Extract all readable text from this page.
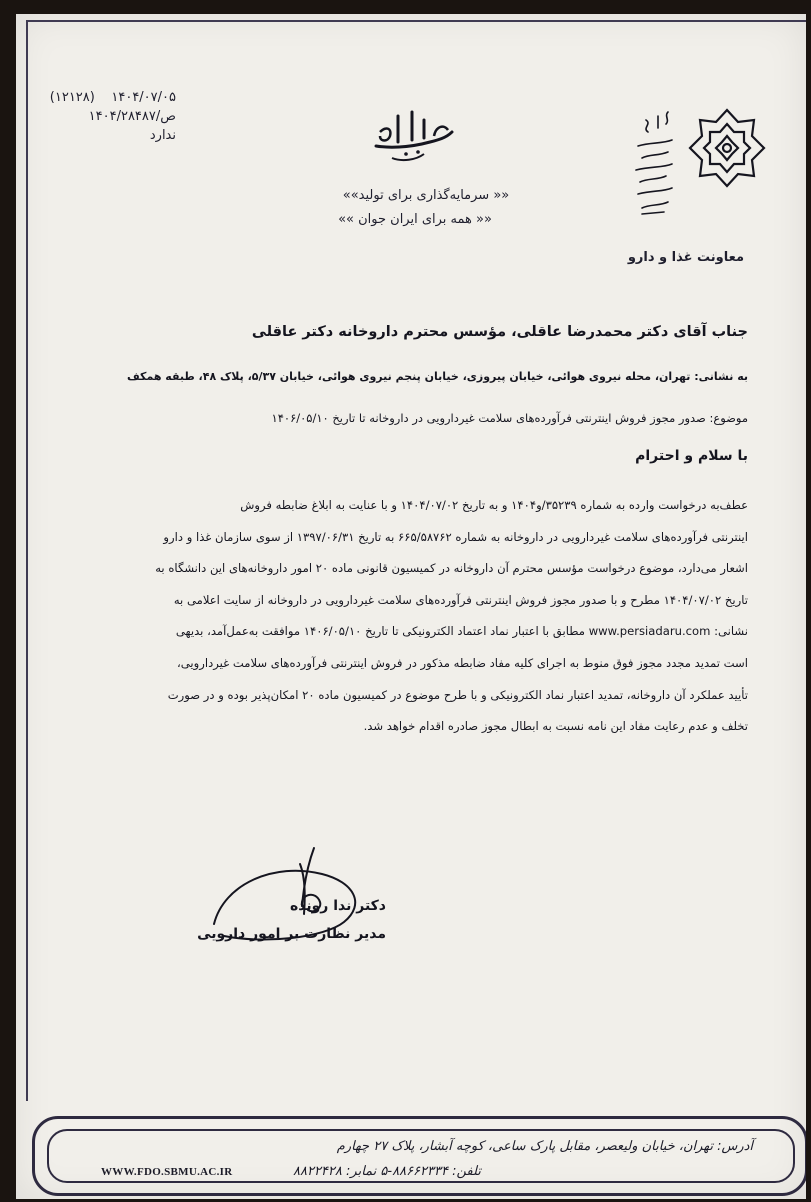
(۱۲۱۲۸) ۱۴۰۴/۰۷/۰۵
۱۴۰۴/ص/۲۸۴۸۷
ندارد
«« سرمایه‌گذاری برای تولید»»
«« همه برای ایران جوان »»
معاونت غذا و دارو
جناب آقای دکتر محمدرضا عاقلی، مؤسس محترم داروخانه دکتر عاقلی
به نشانی: تهران، محله نیروی هوائی، خیابان پیروزی، خیابان پنجم نیروی هوائی، خیابان ۵/۳۷، پلاک ۴۸، طبقه همکف
موضوع: صدور مجوز فروش اینترنتی فرآورده‌های سلامت غیردارویی در داروخانه تا تاریخ ۱۴۰۶/۰۵/۱۰
با سلام و احترام
عطف‌به درخواست وارده به شماره ۳۵۲۳۹/و۱۴۰۴ و به تاریخ ۱۴۰۴/۰۷/۰۲ و با عنایت به ابلاغ ضابطه فروش
اینترنتی فرآورده‌های سلامت غیردارویی در داروخانه به شماره ۶۶۵/۵۸۷۶۲ به تاریخ ۱۳۹۷/۰۶/۳۱ از سوی سازمان غذا و دارو
اشعار می‌دارد، موضوع درخواست مؤسس محترم آن داروخانه در کمیسیون قانونی ماده ۲۰ امور داروخانه‌های این دانشگاه به
تاریخ ۱۴۰۴/۰۷/۰۲ مطرح و با صدور مجوز فروش اینترنتی فرآورده‌های سلامت غیردارویی در داروخانه از سایت اعلامی به
نشانی: www.persiadaru.com مطابق با اعتبار نماد اعتماد الکترونیکی تا تاریخ ۱۴۰۶/۰۵/۱۰ موافقت به‌عمل‌آمد، بدیهی
است تمدید مجدد مجوز فوق منوط به اجرای کلیه مفاد ضابطه مذکور در فروش اینترنتی فرآورده‌های سلامت غیردارویی،
تأیید عملکرد آن داروخانه، تمدید اعتبار نماد الکترونیکی و با طرح موضوع در کمیسیون ماده ۲۰ امکان‌پذیر بوده و در صورت
تخلف و عدم رعایت مفاد این نامه نسبت به ابطال مجوز صادره اقدام خواهد شد.
دکتر ندا رونده
مدیر نظارت بر امور دارویی
آدرس: تهران، خیابان ولیعصر، مقابل پارک ساعی، کوچه آبشار، پلاک ۲۷ چهارم
تلفن: ۸۸۶۶۲۳۳۴-۵ نمابر: ۸۸۲۲۴۲۸
WWW.FDO.SBMU.AC.IR
